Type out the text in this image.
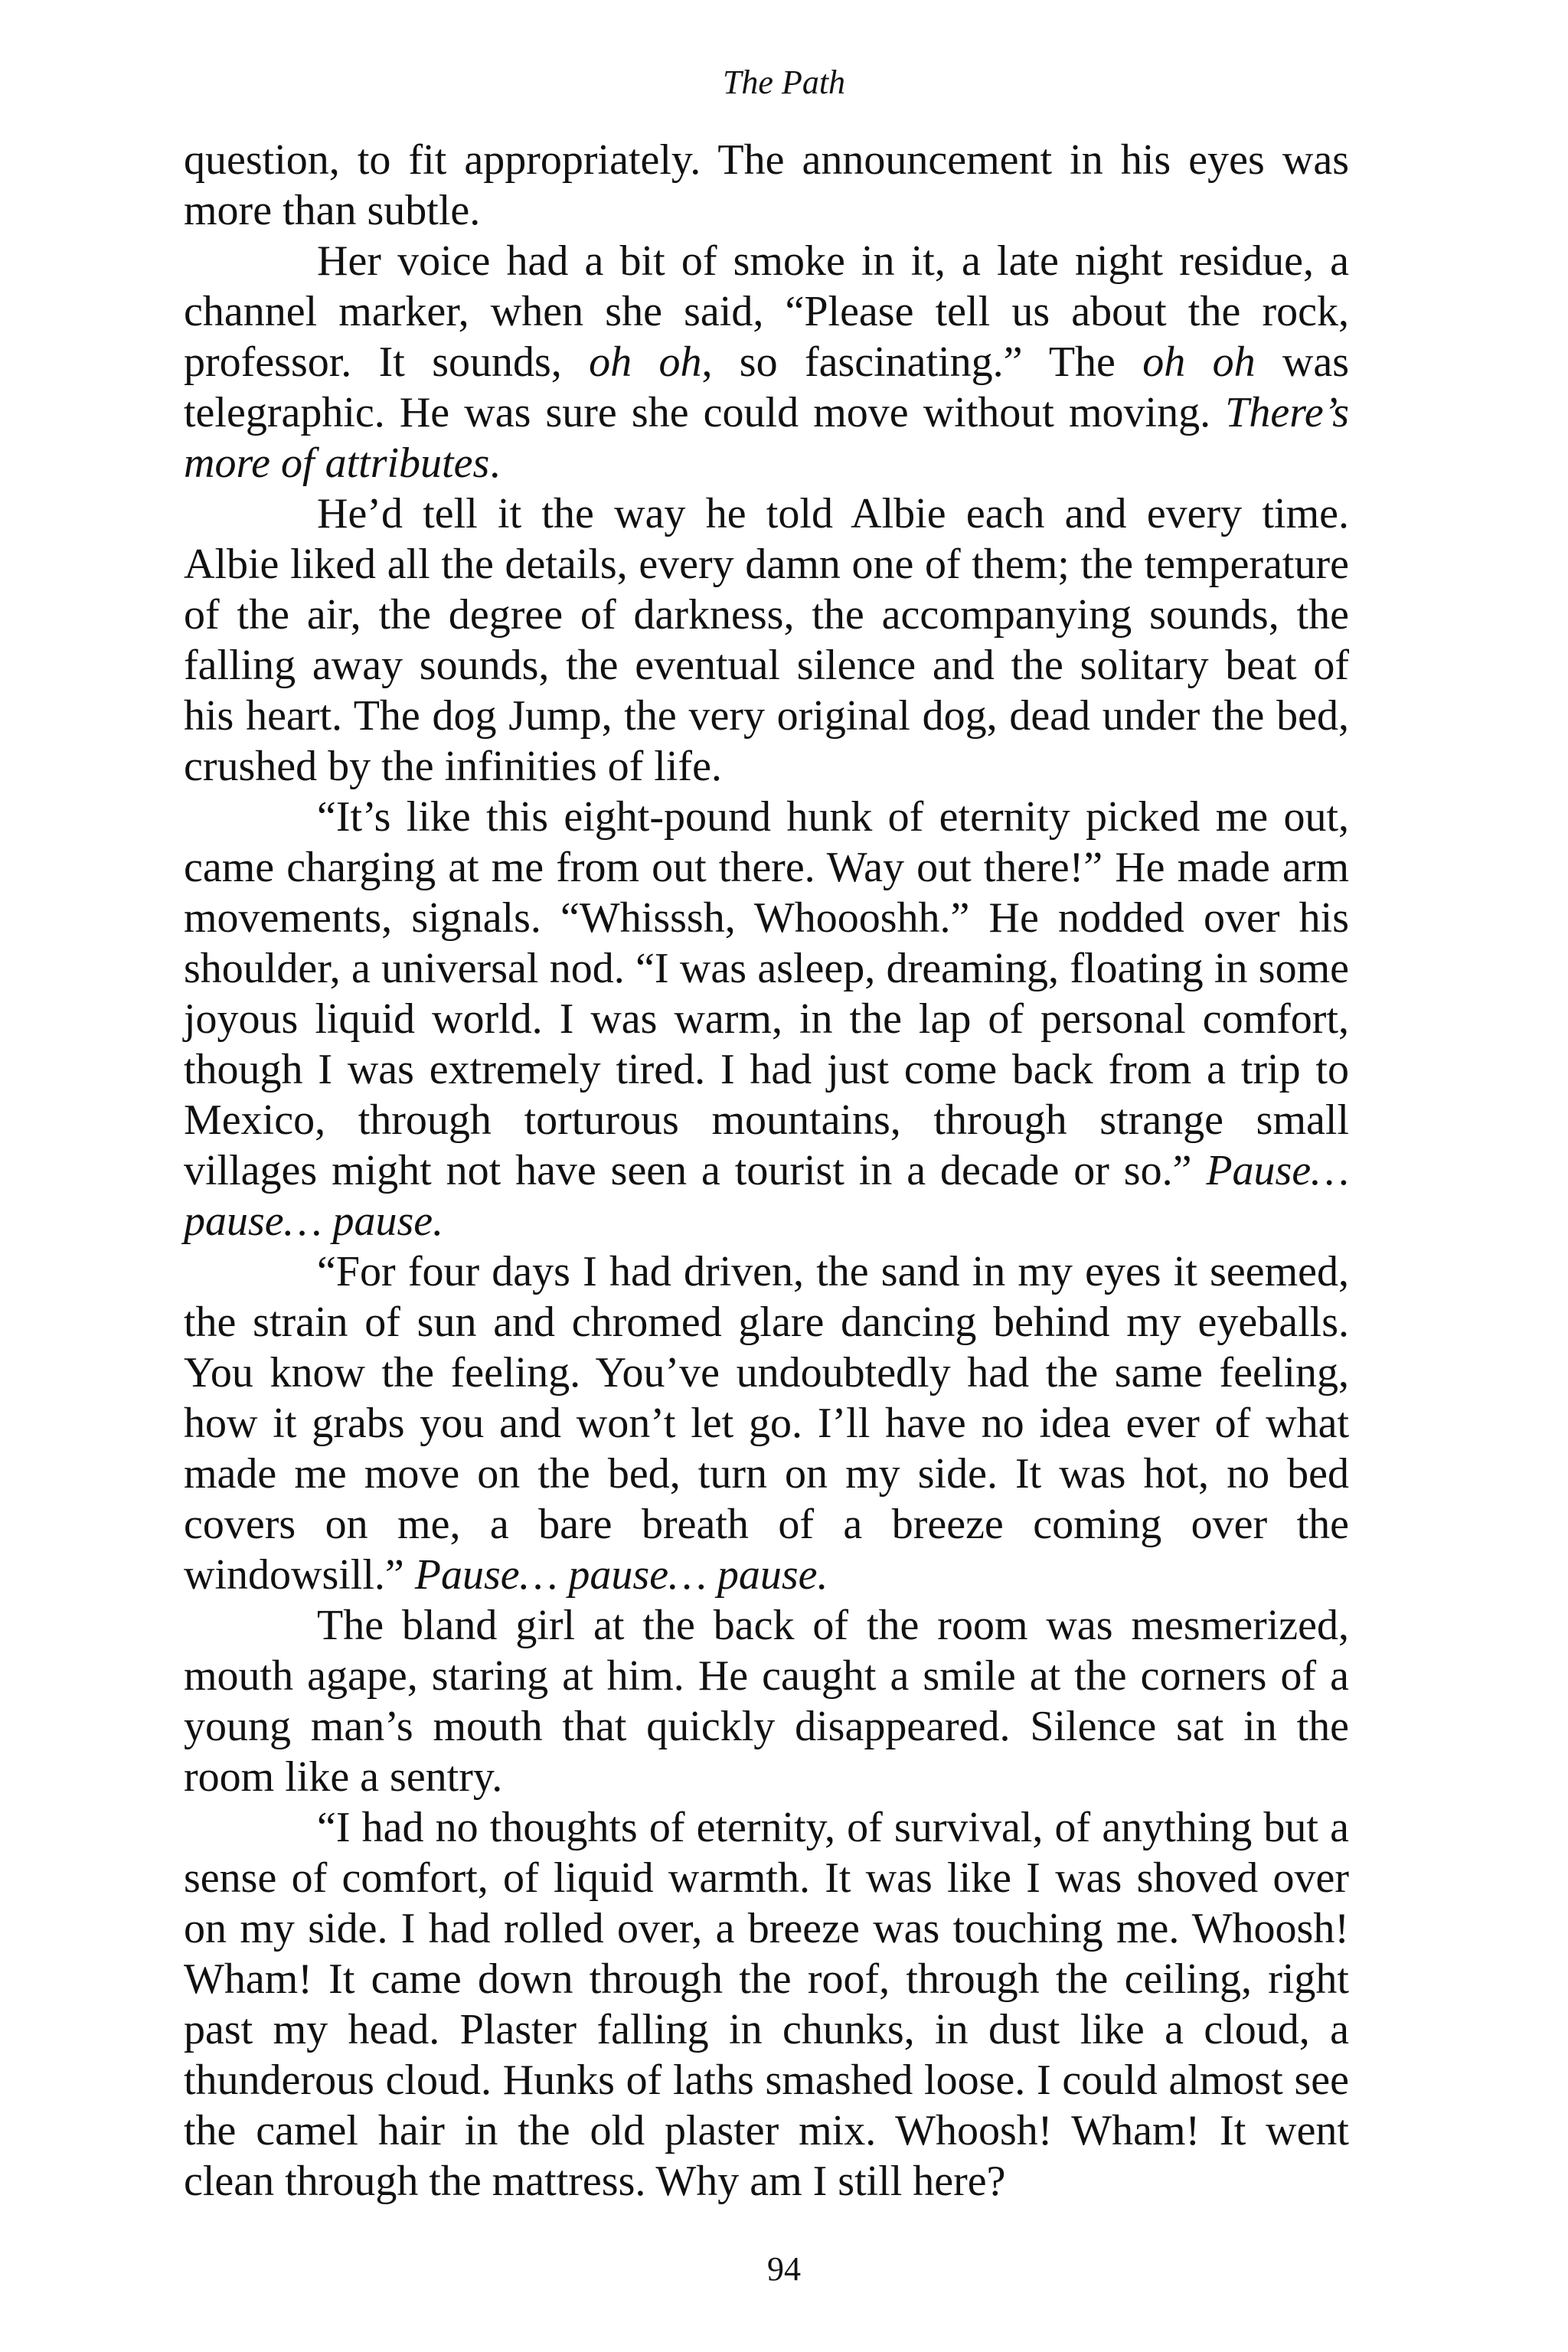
The Path

question, to fit appropriately. The announcement in his eyes was more than subtle.

Her voice had a bit of smoke in it, a late night residue, a channel marker, when she said, “Please tell us about the rock, professor. It sounds, oh oh, so fascinating.” The oh oh was telegraphic. He was sure she could move without moving. There’s more of attributes.

He’d tell it the way he told Albie each and every time. Albie liked all the details, every damn one of them; the temperature of the air, the degree of darkness, the accompanying sounds, the falling away sounds, the eventual silence and the solitary beat of his heart. The dog Jump, the very original dog, dead under the bed, crushed by the infinities of life.

“It’s like this eight-pound hunk of eternity picked me out, came charging at me from out there. Way out there!” He made arm movements, signals. “Whisssh, Whoooshh.” He nodded over his shoulder, a universal nod. “I was asleep, dreaming, floating in some joyous liquid world. I was warm, in the lap of personal comfort, though I was extremely tired. I had just come back from a trip to Mexico, through torturous mountains, through strange small villages might not have seen a tourist in a decade or so.” Pause… pause… pause.

“For four days I had driven, the sand in my eyes it seemed, the strain of sun and chromed glare dancing behind my eyeballs. You know the feeling. You’ve undoubtedly had the same feeling, how it grabs you and won’t let go. I’ll have no idea ever of what made me move on the bed, turn on my side. It was hot, no bed covers on me, a bare breath of a breeze coming over the windowsill.” Pause… pause… pause.

The bland girl at the back of the room was mesmerized, mouth agape, staring at him. He caught a smile at the corners of a young man’s mouth that quickly disappeared. Silence sat in the room like a sentry.

“I had no thoughts of eternity, of survival, of anything but a sense of comfort, of liquid warmth. It was like I was shoved over on my side. I had rolled over, a breeze was touching me. Whoosh! Wham! It came down through the roof, through the ceiling, right past my head. Plaster falling in chunks, in dust like a cloud, a thunderous cloud. Hunks of laths smashed loose. I could almost see the camel hair in the old plaster mix. Whoosh! Wham! It went clean through the mattress. Why am I still here?

94
